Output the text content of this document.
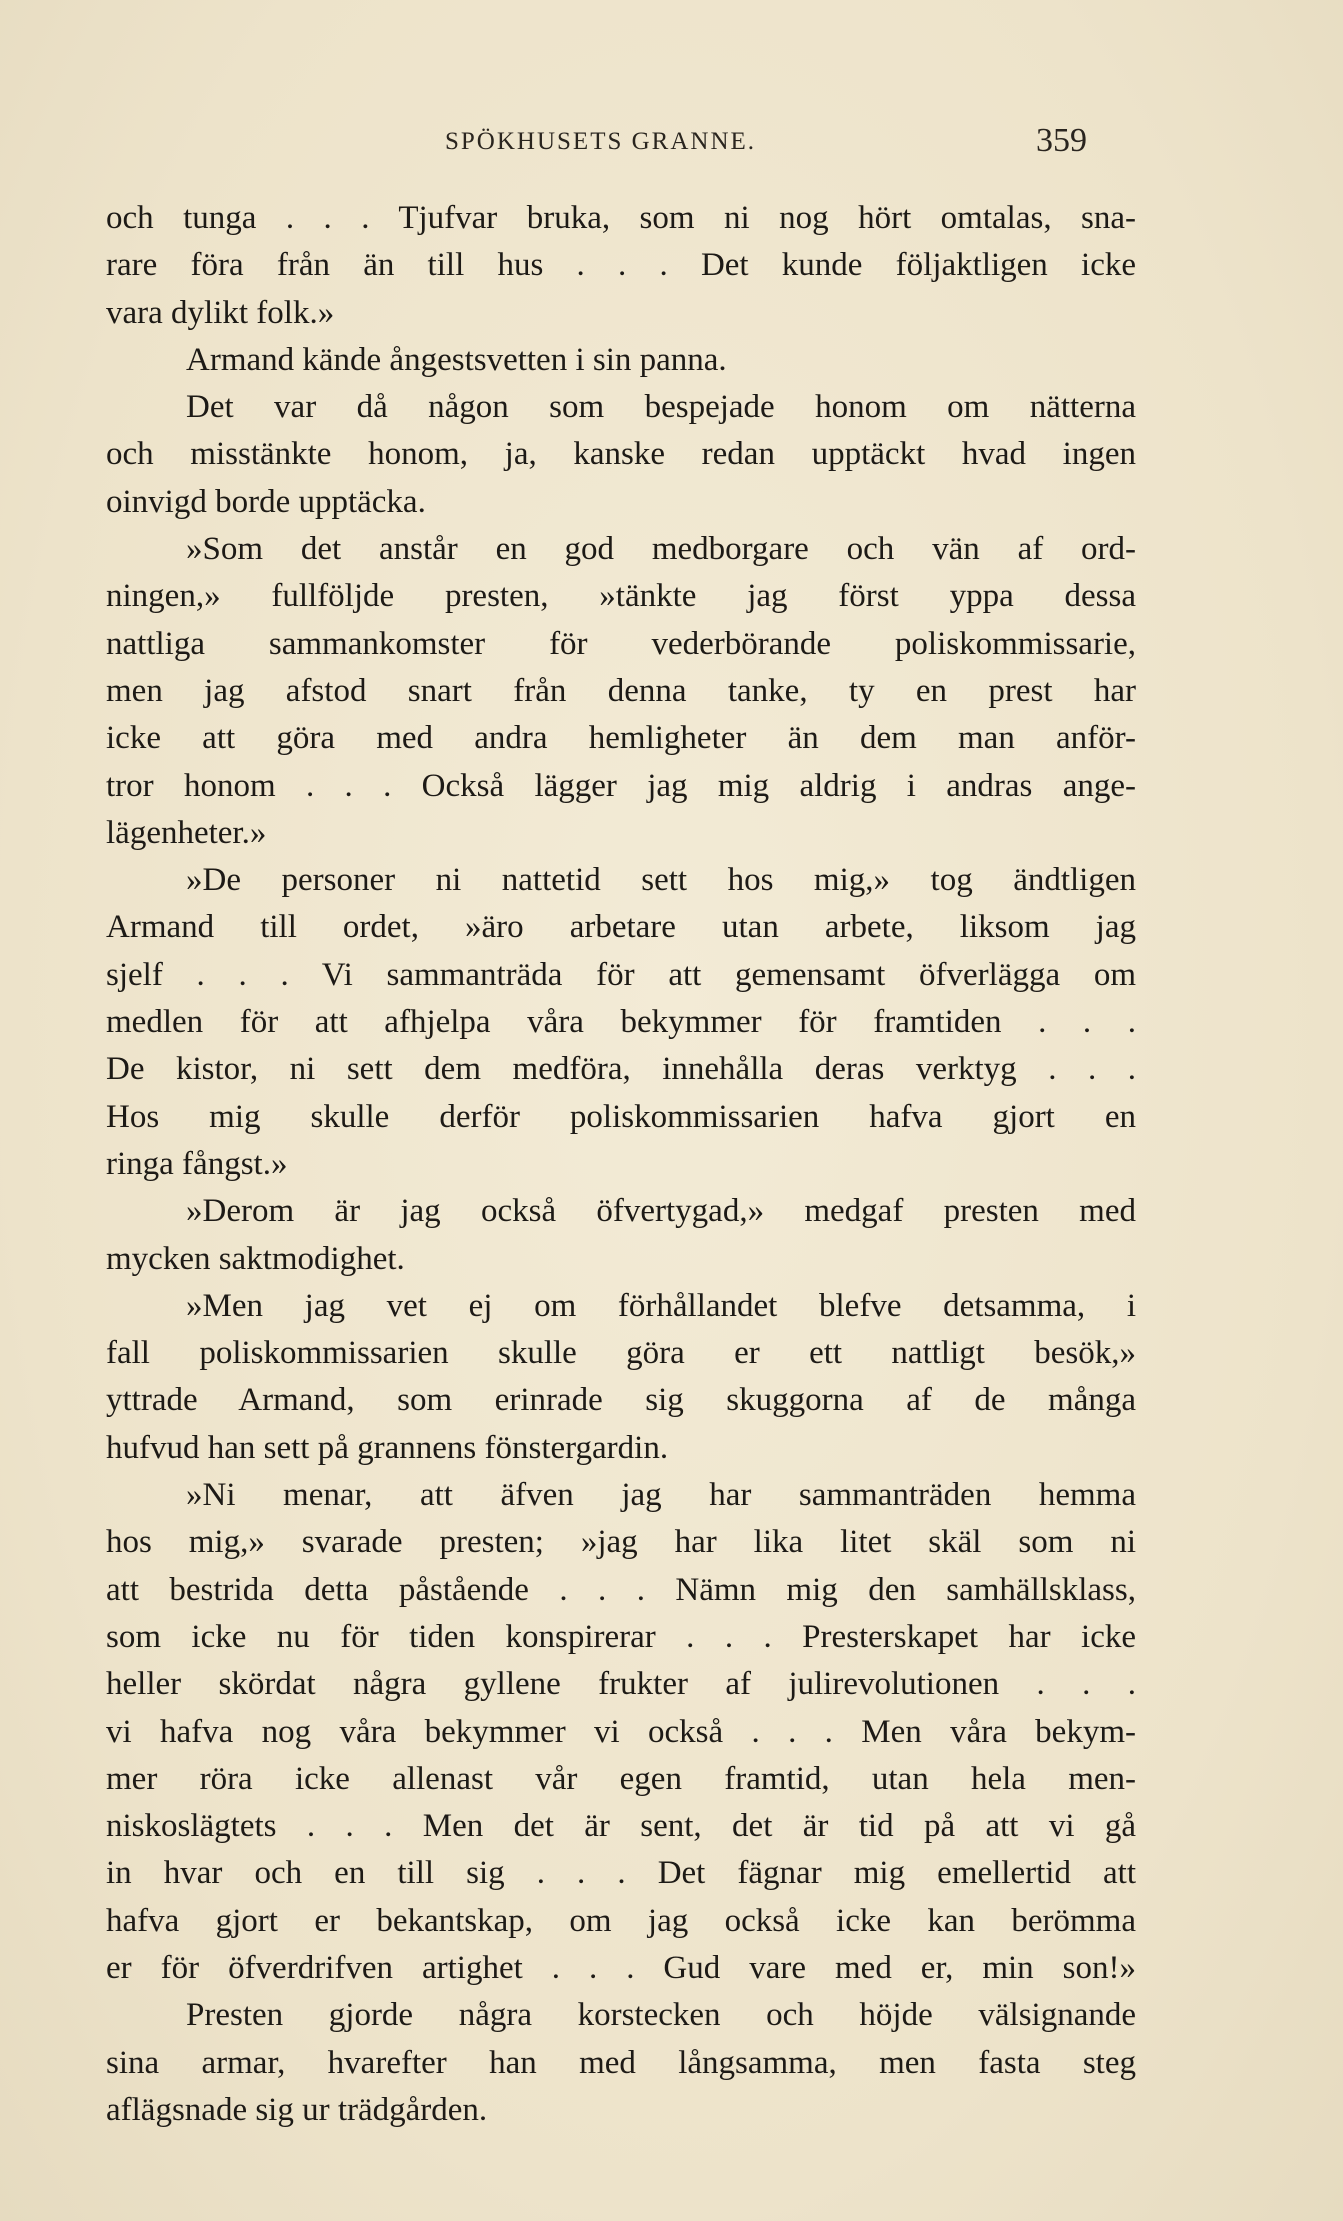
SPÖKHUSETS GRANNE.	359
och tunga . . . Tjufvar bruka, som ni nog hört omtalas, sna-
rare föra från än till hus . . . Det kunde följaktligen icke
vara dylikt folk.»
Armand kände ångestsvetten i sin panna.
Det var då någon som bespejade honom om nätterna
och misstänkte honom, ja, kanske redan upptäckt hvad ingen
oinvigd borde upptäcka.
»Som det anstår en god medborgare och vän af ord-
ningen,» fullföljde presten, »tänkte jag först yppa dessa
nattliga sammankomster för vederbörande poliskommissarie,
men jag afstod snart från denna tanke, ty en prest har
icke att göra med andra hemligheter än dem man anför-
tror honom . . . Också lägger jag mig aldrig i andras ange-
lägenheter.»
»De personer ni nattetid sett hos mig,» tog ändtligen
Armand till ordet, »äro arbetare utan arbete, liksom jag
sjelf . . . Vi sammanträda för att gemensamt öfverlägga om
medlen för att afhjelpa våra bekymmer för framtiden . . .
De kistor, ni sett dem medföra, innehålla deras verktyg . . .
Hos mig skulle derför poliskommissarien hafva gjort en
ringa fångst.»
»Derom är jag också öfvertygad,» medgaf presten med
mycken saktmodighet.
»Men jag vet ej om förhållandet blefve detsamma, i
fall poliskommissarien skulle göra er ett nattligt besök,»
yttrade Armand, som erinrade sig skuggorna af de många
hufvud han sett på grannens fönstergardin.
»Ni menar, att äfven jag har sammanträden hemma
hos mig,» svarade presten; »jag har lika litet skäl som ni
att bestrida detta påstående . . . Nämn mig den samhällsklass,
som icke nu för tiden konspirerar . . . Presterskapet har icke
heller skördat några gyllene frukter af julirevolutionen . . .
vi hafva nog våra bekymmer vi också . . . Men våra bekym-
mer röra icke allenast vår egen framtid, utan hela men-
niskoslägtets . . . Men det är sent, det är tid på att vi gå
in hvar och en till sig . . . Det fägnar mig emellertid att
hafva gjort er bekantskap, om jag också icke kan berömma
er för öfverdrifven artighet . . . Gud vare med er, min son!»
Presten gjorde några korstecken och höjde välsignande
sina armar, hvarefter han med långsamma, men fasta steg
aflägsnade sig ur trädgården.
